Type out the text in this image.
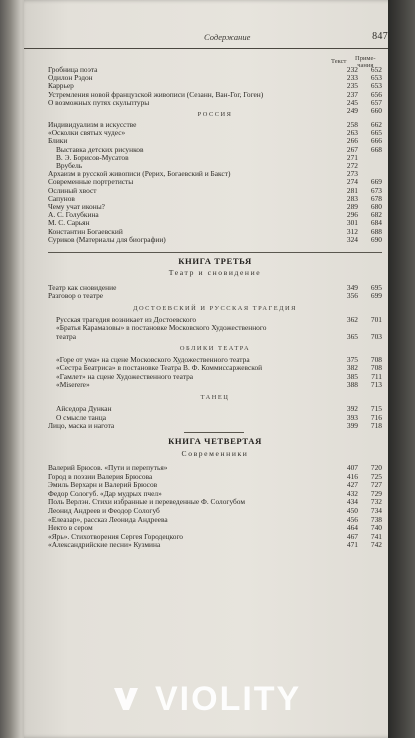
Содержание	847
Текст Приме-
чания
Гробница поэта	232	652
Одилон Рэдон	233	653
Каррьер	235	653
Устремления новой французской живописи (Сезанн, Ван-Гог, Гоген)	237	656
О возможных путях скульптуры	245	657
249	660
РОССИЯ
Индивидуализм в искусстве	258	662
«Осколки святых чудес»	263	665
Блики	266	666
Выставка детских рисунков	267	668
В. Э. Борисов-Мусатов	271
Врубель	272
Архаизм в русской живописи (Рерих, Богаевский и Бакст)	273
Современные портретисты	274	669
Ослиный хвост	281	673
Сапунов	283	678
Чему учат иконы?	289	680
А. С. Голубкина	296	682
М. С. Сарьян	301	684
Константин Богаевский	312	688
Суриков (Материалы для биографии)	324	690
КНИГА ТРЕТЬЯ
Театр и сновидение
Театр как сновидение	349	695
Разговор о театре	356	699
ДОСТОЕВСКИЙ И РУССКАЯ ТРАГЕДИЯ
Русская трагедия возникает из Достоевского	362	701
«Братья Карамазовы» в постановке Московского Художественного
театра	365	703
ОБЛИКИ ТЕАТРА
«Горе от ума» на сцене Московского Художественного театра	375	708
«Сестра Беатриса» в постановке Театра В. Ф. Коммиссаржевской	382	708
«Гамлет» на сцене Художественного театра	385	711
«Miserere»	388	713
ТАНЕЦ
Айседора Дункан	392	715
О смысле танца	393	716
Лицо, маска и нагота	399	718
КНИГА ЧЕТВЕРТАЯ
Современники
Валерий Брюсов. «Пути и перепутья»	407	720
Город в поэзии Валерия Брюсова	416	725
Эмиль Верхарн и Валерий Брюсов	427	727
Федор Сологуб. «Дар мудрых пчел»	432	729
Поль Верлэн. Стихи избранные и переведенные Ф. Сологубом	434	732
Леонид Андреев и Феодор Сологуб	450	734
«Елеазар», рассказ Леонида Андреева	456	738
Некто в сером	464	740
«Ярь». Стихотворения Сергея Городецкого	467	741
«Александрийские песни» Кузмина	471	742
VIOLITY
